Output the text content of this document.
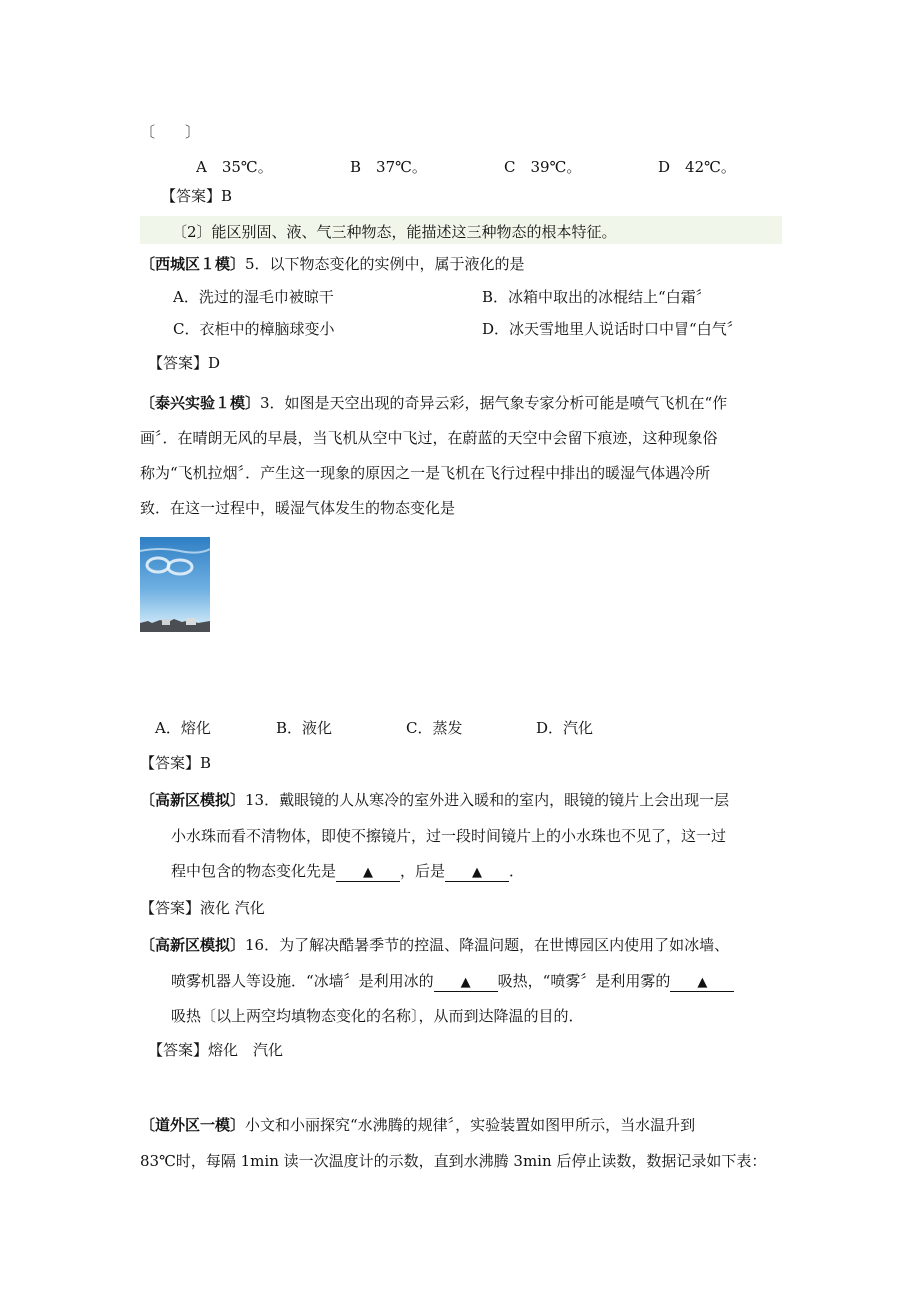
〔　　〕
A　35℃。	B　37℃。	C　39℃。	D　42℃。
【答案】B
〔2〕能区别固、液、气三种物态，能描述这三种物态的根本特征。
〔西城区１模〕5．以下物态变化的实例中，属于液化的是
A．洗过的湿毛巾被晾干	B．冰箱中取出的冰棍结上“白霜〞
C．衣柜中的樟脑球变小	D．冰天雪地里人说话时口中冒“白气〞
【答案】D
〔泰兴实验１模〕3．如图是天空出现的奇异云彩，据气象专家分析可能是喷气飞机在“作
画〞．在晴朗无风的早晨，当飞机从空中飞过，在蔚蓝的天空中会留下痕迹，这种现象俗
称为“飞机拉烟〞．产生这一现象的原因之一是飞机在飞行过程中排出的暖湿气体遇冷所
致．在这一过程中，暖湿气体发生的物态变化是
A．熔化	B．液化	C．蒸发	D．汽化
【答案】B
〔高新区模拟〕13．戴眼镜的人从寒冷的室外进入暖和的室内，眼镜的镜片上会出现一层
小水珠而看不清物体，即使不擦镜片，过一段时间镜片上的小水珠也不见了，这一过
程中包含的物态变化先是 ▲ ，后是 ▲ ．
【答案】液化 汽化
〔高新区模拟〕16．为了解决酷暑季节的控温、降温问题，在世博园区内使用了如冰墙、
喷雾机器人等设施．“冰墙〞是利用冰的 ▲ 吸热，“喷雾〞是利用雾的 ▲
吸热〔以上两空均填物态变化的名称〕，从而到达降温的目的．
【答案】熔化　汽化
〔道外区一模〕小文和小丽探究“水沸腾的规律〞，实验装置如图甲所示，当水温升到
83℃时，每隔 1min 读一次温度计的示数，直到水沸腾 3min 后停止读数，数据记录如下表：
